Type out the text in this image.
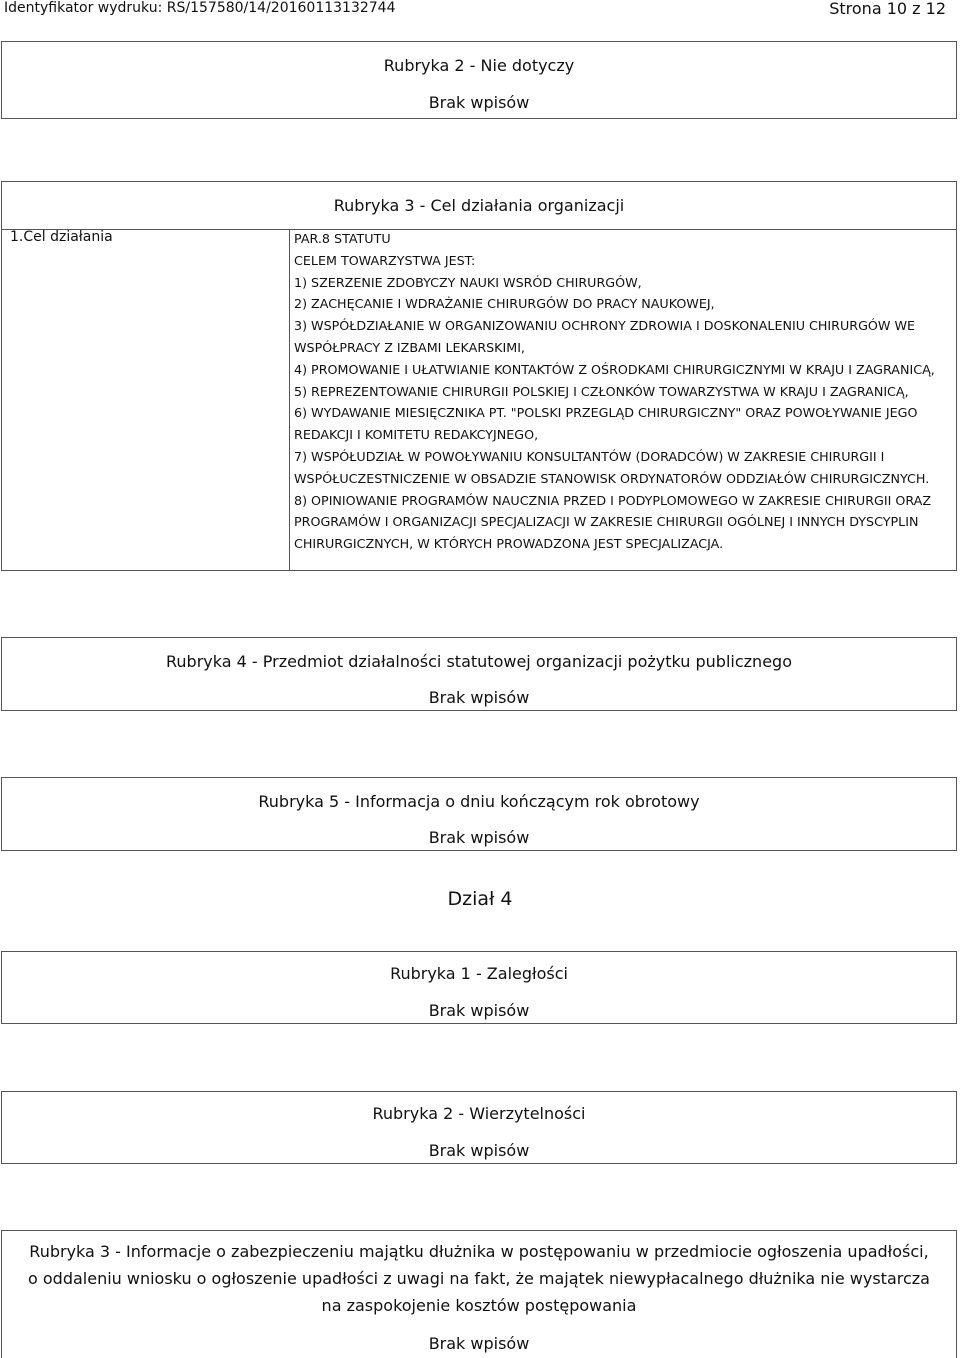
Identyfikator wydruku: RS/157580/14/20160113132744	Strona 10 z 12
Rubryka 2 - Nie dotyczy
Brak wpisów
Rubryka 3 - Cel działania organizacji
1.Cel działania	PAR.8 STATUTU
CELEM TOWARZYSTWA JEST:
1) SZERZENIE ZDOBYCZY NAUKI WSRÓD CHIRURGÓW,
2) ZACHĘCANIE I WDRAŻANIE CHIRURGÓW DO PRACY NAUKOWEJ,
3) WSPÓŁDZIAŁANIE W ORGANIZOWANIU OCHRONY ZDROWIA I DOSKONALENIU CHIRURGÓW WE WSPÓŁPRACY Z IZBAMI LEKARSKIMI,
4) PROMOWANIE I UŁATWIANIE KONTAKTÓW Z OŚRODKAMI CHIRURGICZNYMI W KRAJU I ZAGRANICĄ,
5) REPREZENTOWANIE CHIRURGII POLSKIEJ I CZŁONKÓW TOWARZYSTWA W KRAJU I ZAGRANICĄ,
6) WYDAWANIE MIESIĘCZNIKA PT. "POLSKI PRZEGLĄD CHIRURGICZNY" ORAZ POWOŁYWANIE JEGO REDAKCJI I KOMITETU REDAKCYJNEGO,
7) WSPÓŁUDZIAŁ W POWOŁYWANIU KONSULTANTÓW (DORADCÓW) W ZAKRESIE CHIRURGII I WSPÓŁUCZESTNICZENIE W OBSADZIE STANOWISK ORDYNATORÓW ODDZIAŁÓW CHIRURGICZNYCH.
8) OPINIOWANIE PROGRAMÓW NAUCZNIA PRZED I PODYPLOMOWEGO W ZAKRESIE CHIRURGII ORAZ PROGRAMÓW I ORGANIZACJI SPECJALIZACJI W ZAKRESIE CHIRURGII OGÓLNEJ I INNYCH DYSCYPLIN CHIRURGICZNYCH, W KTÓRYCH PROWADZONA JEST SPECJALIZACJA.
Rubryka 4 - Przedmiot działalności statutowej organizacji pożytku publicznego
Brak wpisów
Rubryka 5 - Informacja o dniu kończącym rok obrotowy
Brak wpisów
Dział 4
Rubryka 1 - Zaległości
Brak wpisów
Rubryka 2 - Wierzytelności
Brak wpisów
Rubryka 3 - Informacje o zabezpieczeniu majątku dłużnika w postępowaniu w przedmiocie ogłoszenia upadłości, o oddaleniu wniosku o ogłoszenie upadłości z uwagi na fakt, że majątek niewypłacalnego dłużnika nie wystarcza na zaspokojenie kosztów postępowania
Brak wpisów
